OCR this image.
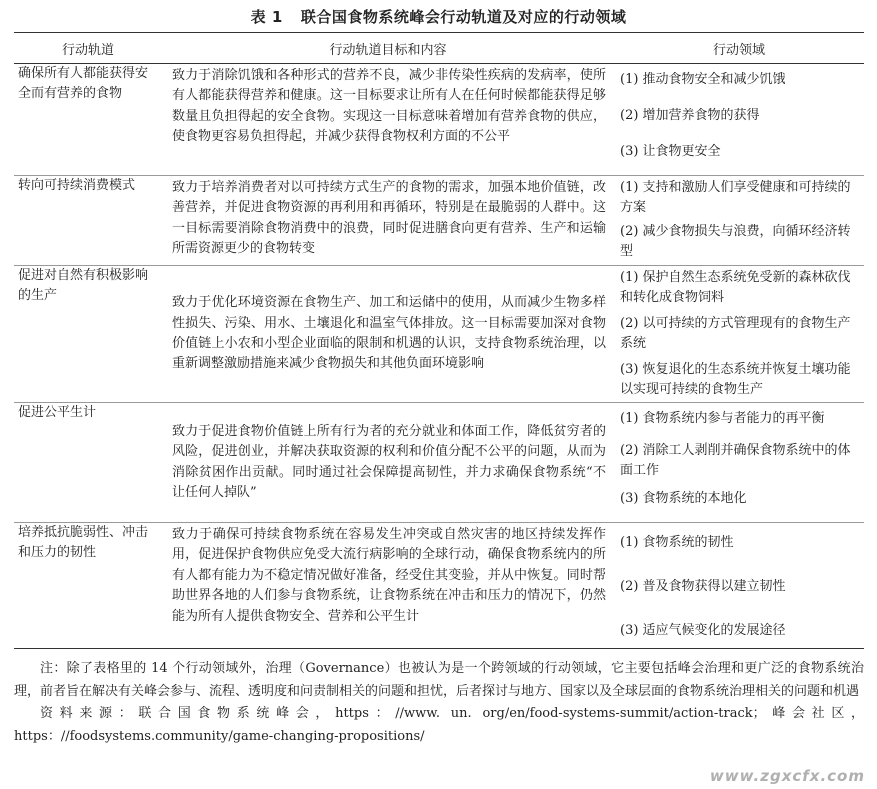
表 1 联合国食物系统峰会行动轨道及对应的行动领域
行动轨道	行动轨道目标和内容	行动领域
确保所有人都能获得安全而有营养的食物	致力于消除饥饿和各种形式的营养不良，减少非传染性疾病的发病率，使所有人都能获得营养和健康。这一目标要求让所有人在任何时候都能获得足够数量且负担得起的安全食物。实现这一目标意味着增加有营养食物的供应，使食物更容易负担得起，并减少获得食物权利方面的不公平	(1) 推动食物安全和减少饥饿
(2) 增加营养食物的获得
(3) 让食物更安全

转向可持续消费模式	致力于培养消费者对以可持续方式生产的食物的需求，加强本地价值链，改善营养，并促进食物资源的再利用和再循环，特别是在最脆弱的人群中。这一目标需要消除食物消费中的浪费，同时促进膳食向更有营养、生产和运输所需资源更少的食物转变	(1) 支持和激励人们享受健康和可持续的方案
(2) 减少食物损失与浪费，向循环经济转型

促进对自然有积极影响的生产	致力于优化环境资源在食物生产、加工和运储中的使用，从而减少生物多样性损失、污染、用水、土壤退化和温室气体排放。这一目标需要加深对食物价值链上小农和小型企业面临的限制和机遇的认识，支持食物系统治理，以重新调整激励措施来减少食物损失和其他负面环境影响	(1) 保护自然生态系统免受新的森林砍伐和转化成食物饲料
(2) 以可持续的方式管理现有的食物生产系统
(3) 恢复退化的生态系统并恢复土壤功能以实现可持续的食物生产

促进公平生计	致力于促进食物价值链上所有行为者的充分就业和体面工作，降低贫穷者的风险，促进创业，并解决获取资源的权利和价值分配不公平的问题，从而为消除贫困作出贡献。同时通过社会保障提高韧性，并力求确保食物系统“不让任何人掉队”	(1) 食物系统内参与者能力的再平衡
(2) 消除工人剥削并确保食物系统中的体面工作
(3) 食物系统的本地化

培养抵抗脆弱性、冲击和压力的韧性	致力于确保可持续食物系统在容易发生冲突或自然灾害的地区持续发挥作用，促进保护食物供应免受大流行病影响的全球行动，确保食物系统内的所有人都有能力为不稳定情况做好准备，经受住其变验，并从中恢复。同时帮助世界各地的人们参与食物系统，让食物系统在冲击和压力的情况下，仍然能为所有人提供食物安全、营养和公平生计	(1) 食物系统的韧性
(2) 普及食物获得以建立韧性
(3) 适应气候变化的发展途径

注：除了表格里的 14 个行动领域外，治理（Governance）也被认为是一个跨领域的行动领域，它主要包括峰会治理和更广泛的食物系统治理，前者旨在解决有关峰会参与、流程、透明度和问责制相关的问题和担忧，后者探讨与地方、国家以及全球层面的食物系统治理相关的问题和机遇

资料来源：联合国食物系统峰会，https：//www. un. org/en/food-systems-summit/action-track；峰会社区，https：//foodsystems.community/game-changing-propositions/

www.zgxcfx.com
